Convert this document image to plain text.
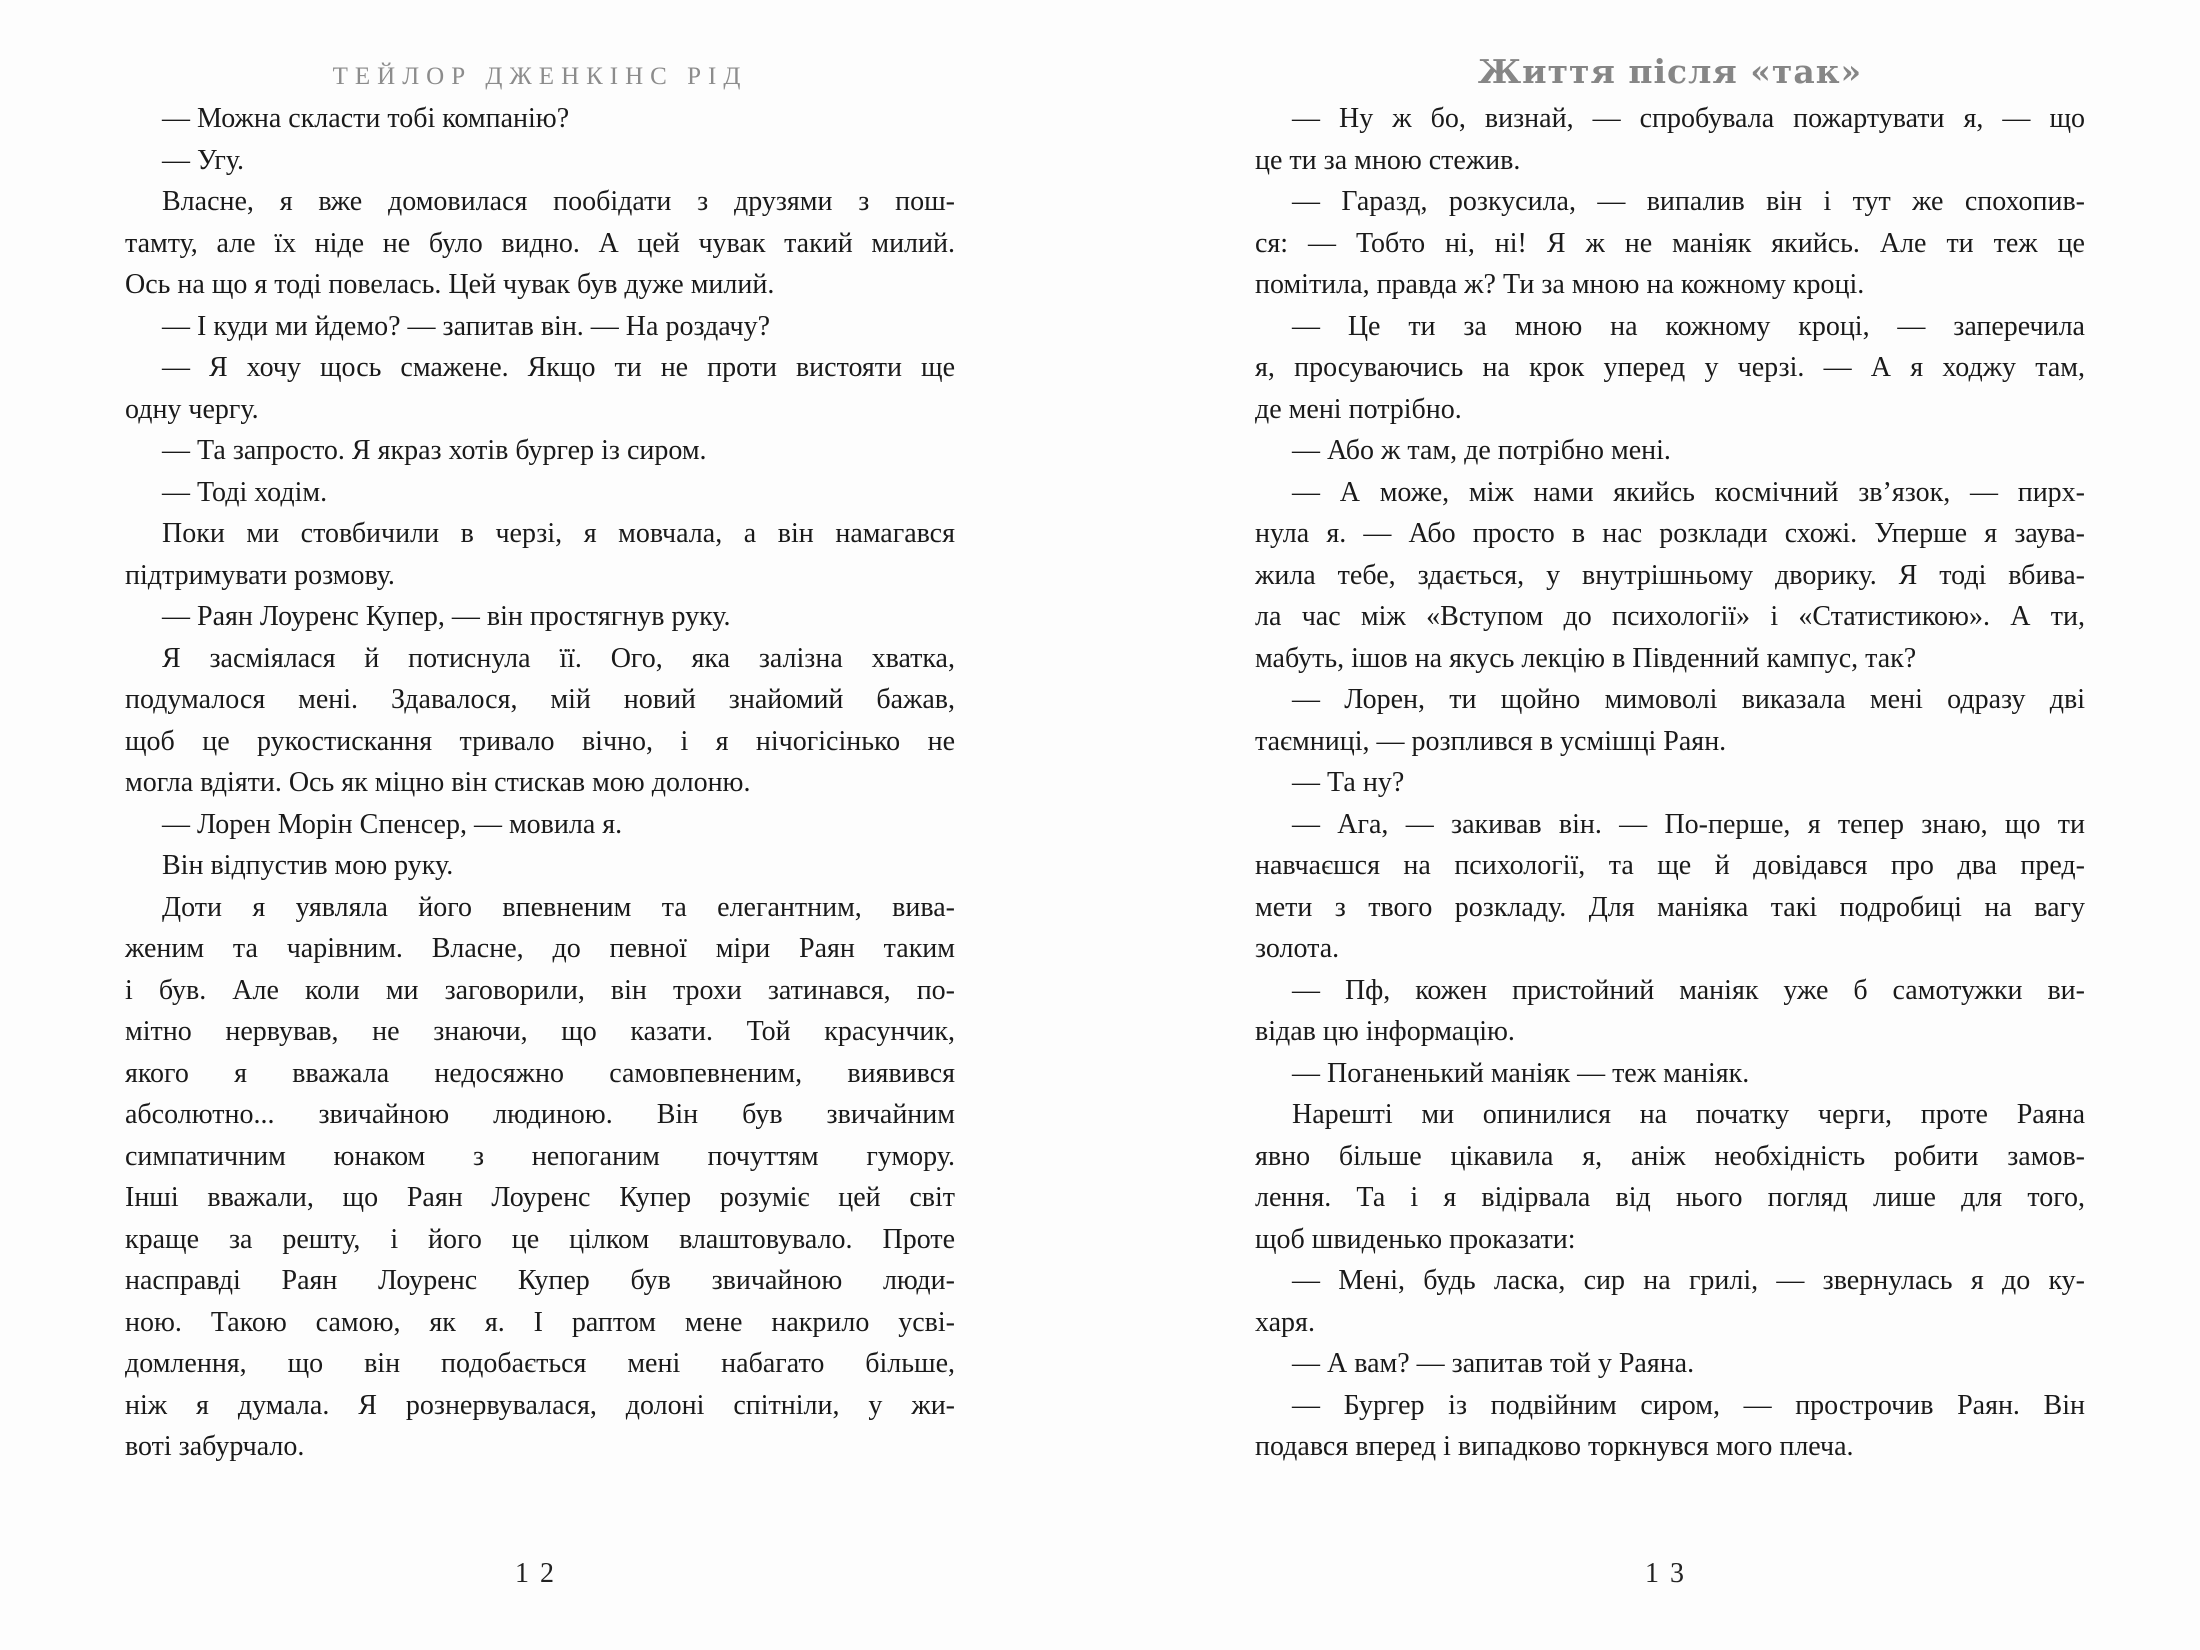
ТЕЙЛОР ДЖЕНКІНС РІД
— Можна скласти тобі компанію?
— Угу.
Власне, я вже домовилася пообідати з друзями з пош-
тамту, але їх ніде не було видно. А цей чувак такий милий.
Ось на що я тоді повелась. Цей чувак був дуже милий.
— І куди ми йдемо? — запитав він. — На роздачу?
— Я хочу щось смажене. Якщо ти не проти вистояти ще
одну чергу.
— Та запросто. Я якраз хотів бургер із сиром.
— Тоді ходім.
Поки ми стовбичили в черзі, я мовчала, а він намагався
підтримувати розмову.
— Раян Лоуренс Купер, — він простягнув руку.
Я засміялася й потиснула її. Ого, яка залізна хватка,
подумалося мені. Здавалося, мій новий знайомий бажав,
щоб це рукостискання тривало вічно, і я нічогісінько не
могла вдіяти. Ось як міцно він стискав мою долоню.
— Лорен Морін Спенсер, — мовила я.
Він відпустив мою руку.
Доти я уявляла його впевненим та елегантним, вива-
женим та чарівним. Власне, до певної міри Раян таким
і був. Але коли ми заговорили, він трохи затинався, по-
мітно нервував, не знаючи, що казати. Той красунчик,
якого я вважала недосяжно самовпевненим, виявився
абсолютно... звичайною людиною. Він був звичайним
симпатичним юнаком з непоганим почуттям гумору.
Інші вважали, що Раян Лоуренс Купер розуміє цей світ
краще за решту, і його це цілком влаштовувало. Проте
насправді Раян Лоуренс Купер був звичайною люди-
ною. Такою самою, як я. І раптом мене накрило усві-
домлення, що він подобається мені набагато більше,
ніж я думала. Я рознервувалася, долоні спітніли, у жи-
воті забурчало.
12
Життя після «так»
— Ну ж бо, визнай, — спробувала пожартувати я, — що
це ти за мною стежив.
— Гаразд, розкусила, — випалив він і тут же спохопив-
ся: — Тобто ні, ні! Я ж не маніяк якийсь. Але ти теж це
помітила, правда ж? Ти за мною на кожному кроці.
— Це ти за мною на кожному кроці, — заперечила
я, просуваючись на крок уперед у черзі. — А я ходжу там,
де мені потрібно.
— Або ж там, де потрібно мені.
— А може, між нами якийсь космічний зв’язок, — пирх-
нула я. — Або просто в нас розклади схожі. Уперше я заува-
жила тебе, здається, у внутрішньому дворику. Я тоді вбива-
ла час між «Вступом до психології» і «Статистикою». А ти,
мабуть, ішов на якусь лекцію в Південний кампус, так?
— Лорен, ти щойно мимоволі виказала мені одразу дві
таємниці, — розплився в усмішці Раян.
— Та ну?
— Ага, — закивав він. — По-перше, я тепер знаю, що ти
навчаєшся на психології, та ще й довідався про два пред-
мети з твого розкладу. Для маніяка такі подробиці на вагу
золота.
— Пф, кожен пристойний маніяк уже б самотужки ви-
відав цю інформацію.
— Поганенький маніяк — теж маніяк.
Нарешті ми опинилися на початку черги, проте Раяна
явно більше цікавила я, аніж необхідність робити замов-
лення. Та і я відірвала від нього погляд лише для того,
щоб швиденько проказати:
— Мені, будь ласка, сир на грилі, — звернулась я до ку-
харя.
— А вам? — запитав той у Раяна.
— Бургер із подвійним сиром, — прострочив Раян. Він
подався вперед і випадково торкнувся мого плеча.
13
